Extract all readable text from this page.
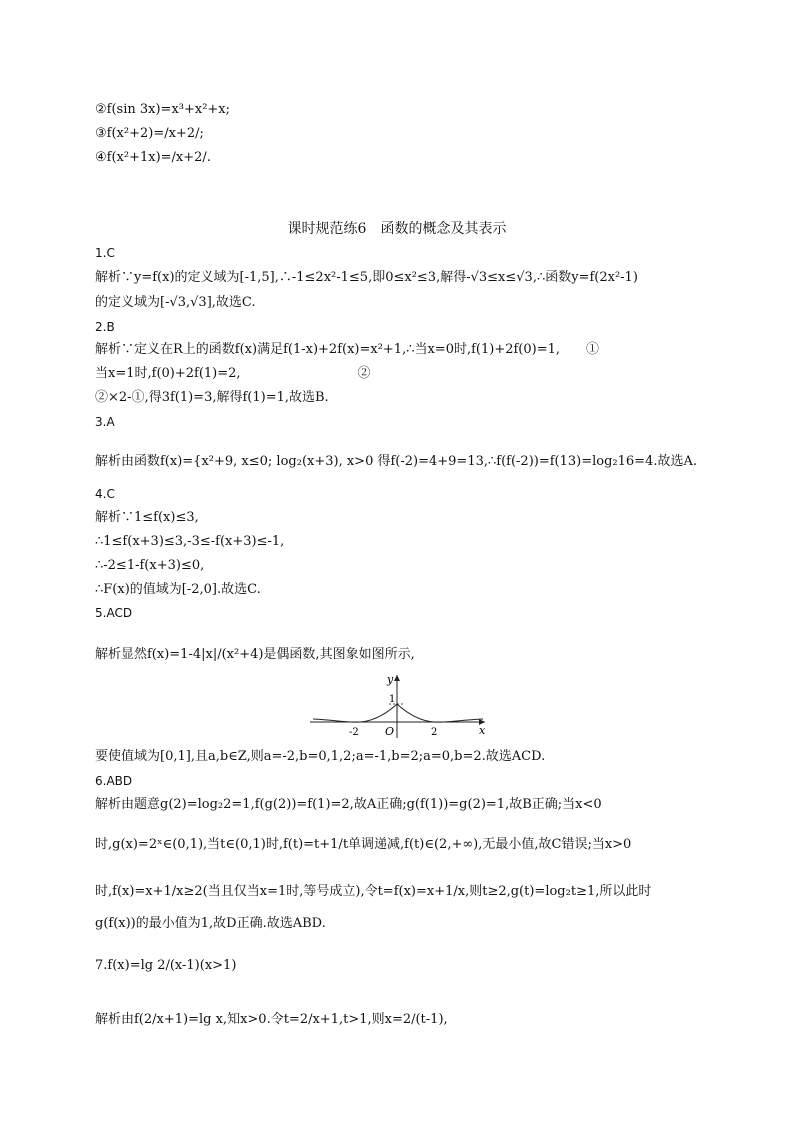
②f(sin 3x)=x³+x²+x;
③f(x²+2)=/x+2/;
④f(x²+1x)=/x+2/.
课时规范练6　函数的概念及其表示
1.C
解析∵y=f(x)的定义域为[-1,5],∴-1≤2x²-1≤5,即0≤x²≤3,解得-√3≤x≤√3,∴函数y=f(2x²-1)
的定义域为[-√3,√3],故选C.
2.B
解析∵定义在R上的函数f(x)满足f(1-x)+2f(x)=x²+1,∴当x=0时,f(1)+2f(0)=1,　　①
当x=1时,f(0)+2f(1)=2,　　　　　　　　　②
②×2-①,得3f(1)=3,解得f(1)=1,故选B.
3.A
解析由函数f(x)={x²+9, x≤0; log₂(x+3), x>0 得f(-2)=4+9=13,∴f(f(-2))=f(13)=log₂16=4.故选A.
4.C
解析∵1≤f(x)≤3,
∴1≤f(x+3)≤3,-3≤-f(x+3)≤-1,
∴-2≤1-f(x+3)≤0,
∴F(x)的值域为[-2,0].故选C.
5.ACD
解析显然f(x)=1-4|x|/(x²+4)是偶函数,其图象如图所示,
y
x
O
1
-2	2
要使值域为[0,1],且a,b∈Z,则a=-2,b=0,1,2;a=-1,b=2;a=0,b=2.故选ACD.
6.ABD
解析由题意g(2)=log₂2=1,f(g(2))=f(1)=2,故A正确;g(f(1))=g(2)=1,故B正确;当x<0
时,g(x)=2ˣ∈(0,1),当t∈(0,1)时,f(t)=t+1/t单调递减,f(t)∈(2,+∞),无最小值,故C错误;当x>0
时,f(x)=x+1/x≥2(当且仅当x=1时,等号成立),令t=f(x)=x+1/x,则t≥2,g(t)=log₂t≥1,所以此时
g(f(x))的最小值为1,故D正确.故选ABD.
7.f(x)=lg 2/(x-1)(x>1)
解析由f(2/x+1)=lg x,知x>0.令t=2/x+1,t>1,则x=2/(t-1),
